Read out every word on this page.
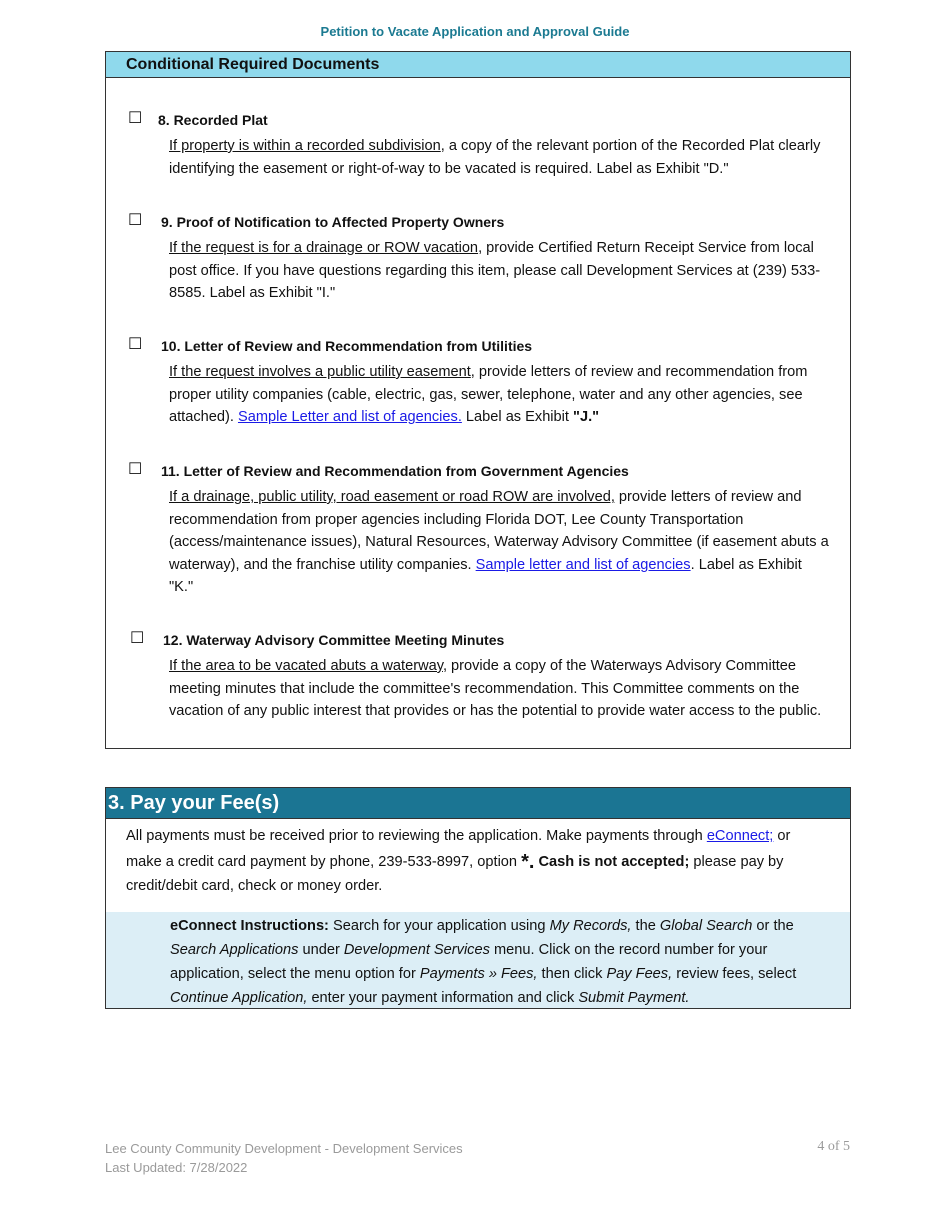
Petition to Vacate Application and Approval Guide
Conditional Required Documents
☐ 8. Recorded Plat
If property is within a recorded subdivision, a copy of the relevant portion of the Recorded Plat clearly identifying the easement or right-of-way to be vacated is required. Label as Exhibit "D."
☐ 9. Proof of Notification to Affected Property Owners
If the request is for a drainage or ROW vacation, provide Certified Return Receipt Service from local post office. If you have questions regarding this item, please call Development Services at (239) 533-8585. Label as Exhibit "I."
☐ 10. Letter of Review and Recommendation from Utilities
If the request involves a public utility easement, provide letters of review and recommendation from proper utility companies (cable, electric, gas, sewer, telephone, water and any other agencies, see attached). Sample Letter and list of agencies. Label as Exhibit "J."
☐ 11. Letter of Review and Recommendation from Government Agencies
If a drainage, public utility, road easement or road ROW are involved, provide letters of review and recommendation from proper agencies including Florida DOT, Lee County Transportation (access/maintenance issues), Natural Resources, Waterway Advisory Committee (if easement abuts a waterway), and the franchise utility companies. Sample letter and list of agencies. Label as Exhibit "K."
☐ 12. Waterway Advisory Committee Meeting Minutes
If the area to be vacated abuts a waterway, provide a copy of the Waterways Advisory Committee meeting minutes that include the committee's recommendation. This Committee comments on the vacation of any public interest that provides or has the potential to provide water access to the public.
3. Pay your Fee(s)
All payments must be received prior to reviewing the application. Make payments through eConnect; or make a credit card payment by phone, 239-533-8997, option *. Cash is not accepted; please pay by credit/debit card, check or money order.
eConnect Instructions: Search for your application using My Records, the Global Search or the Search Applications under Development Services menu. Click on the record number for your application, select the menu option for Payments » Fees, then click Pay Fees, review fees, select Continue Application, enter your payment information and click Submit Payment.
Lee County Community Development - Development Services
Last Updated: 7/28/2022
4 of 5
